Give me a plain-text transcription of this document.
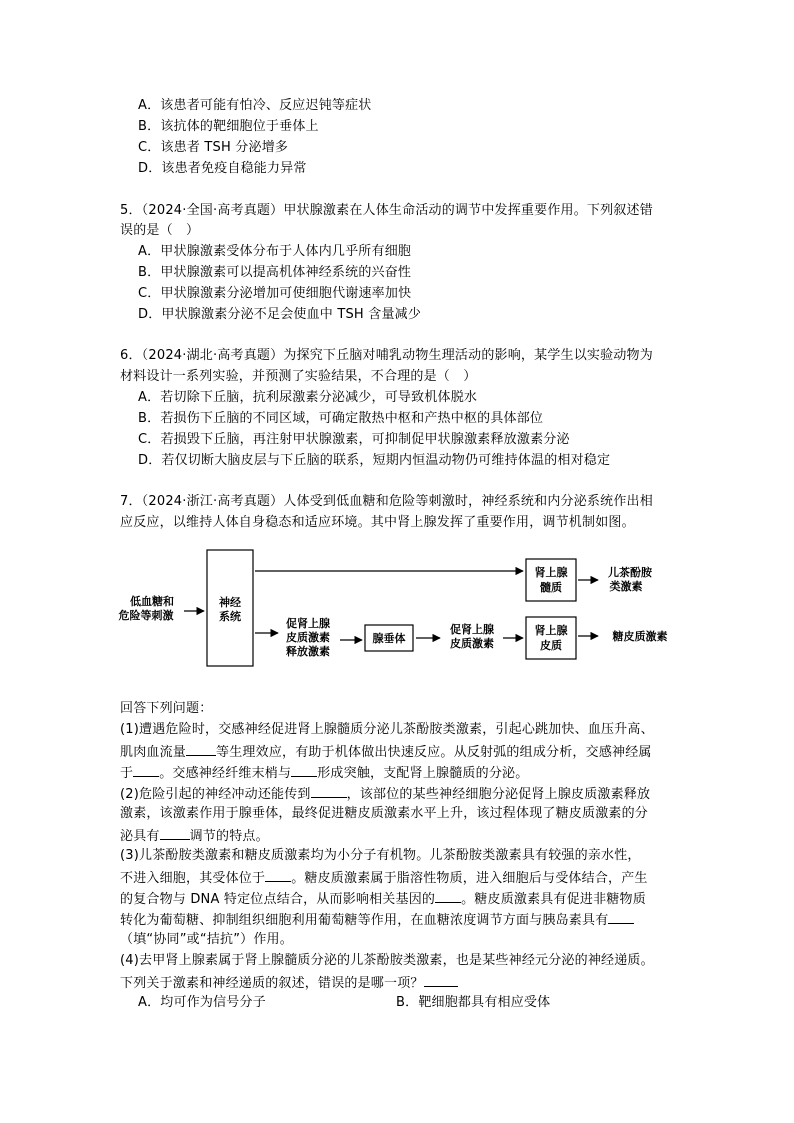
A．该患者可能有怕冷、反应迟钝等症状
B．该抗体的靶细胞位于垂体上
C．该患者 TSH 分泌增多
D．该患者免疫自稳能力异常
5．（2024·全国·高考真题）甲状腺激素在人体生命活动的调节中发挥重要作用。下列叙述错
误的是（　）
A．甲状腺激素受体分布于人体内几乎所有细胞
B．甲状腺激素可以提高机体神经系统的兴奋性
C．甲状腺激素分泌增加可使细胞代谢速率加快
D．甲状腺激素分泌不足会使血中 TSH 含量减少
6．（2024·湖北·高考真题）为探究下丘脑对哺乳动物生理活动的影响，某学生以实验动物为
材料设计一系列实验，并预测了实验结果，不合理的是（　）
A．若切除下丘脑，抗利尿激素分泌减少，可导致机体脱水
B．若损伤下丘脑的不同区域，可确定散热中枢和产热中枢的具体部位
C．若损毁下丘脑，再注射甲状腺激素，可抑制促甲状腺激素释放激素分泌
D．若仅切断大脑皮层与下丘脑的联系，短期内恒温动物仍可维持体温的相对稳定
7．（2024·浙江·高考真题）人体受到低血糖和危险等刺激时，神经系统和内分泌系统作出相
应反应，以维持人体自身稳态和适应环境。其中肾上腺发挥了重要作用，调节机制如图。
低血糖和
危险等刺激
神经
系统
肾上腺
髓质
儿茶酚胺
类激素
促肾上腺
皮质激素
释放激素
腺垂体
促肾上腺
皮质激素
肾上腺
皮质
糖皮质激素
回答下列问题：
(1)遭遇危险时，交感神经促进肾上腺髓质分泌儿茶酚胺类激素，引起心跳加快、血压升高、
肌肉血流量 等生理效应，有助于机体做出快速反应。从反射弧的组成分析，交感神经属
于 。交感神经纤维末梢与 形成突触，支配肾上腺髓质的分泌。
(2)危险引起的神经冲动还能传到	，该部位的某些神经细胞分泌促肾上腺皮质激素释放
激素，该激素作用于腺垂体，最终促进糖皮质激素水平上升，该过程体现了糖皮质激素的分
泌具有 调节的特点。
(3)儿茶酚胺类激素和糖皮质激素均为小分子有机物。儿茶酚胺类激素具有较强的亲水性，
不进入细胞，其受体位于 。糖皮质激素属于脂溶性物质，进入细胞后与受体结合，产生
的复合物与 DNA 特定位点结合，从而影响相关基因的 。糖皮质激素具有促进非糖物质
转化为葡萄糖、抑制组织细胞利用葡萄糖等作用，在血糖浓度调节方面与胰岛素具有
（填“协同”或“拮抗”）作用。
(4)去甲肾上腺素属于肾上腺髓质分泌的儿茶酚胺类激素，也是某些神经元分泌的神经递质。
下列关于激素和神经递质的叙述，错误的是哪一项？
A．均可作为信号分子	B．靶细胞都具有相应受体
